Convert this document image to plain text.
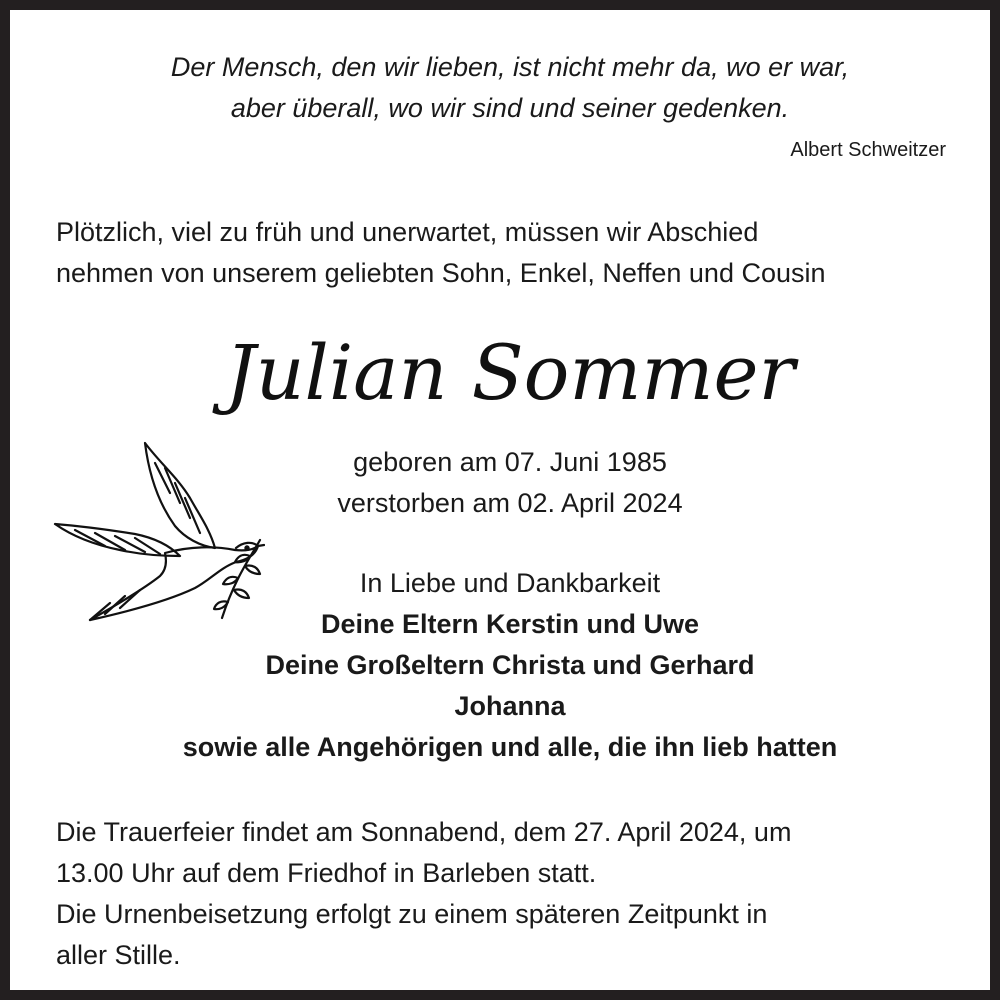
Der Mensch, den wir lieben, ist nicht mehr da, wo er war,

aber überall, wo wir sind und seiner gedenken.

Albert Schweitzer

Plötzlich, viel zu früh und unerwartet, müssen wir Abschied

nehmen von unserem geliebten Sohn, Enkel, Neffen und Cousin

Julian Sommer

geboren am 07. Juni 1985

verstorben am 02. April 2024

In Liebe und Dankbarkeit

Deine Eltern Kerstin und Uwe

Deine Großeltern Christa und Gerhard

Johanna

sowie alle Angehörigen und alle, die ihn lieb hatten

Die Trauerfeier findet am Sonnabend, dem 27. April 2024, um

13.00 Uhr auf dem Friedhof in Barleben statt.

Die Urnenbeisetzung erfolgt zu einem späteren Zeitpunkt in

aller Stille.
